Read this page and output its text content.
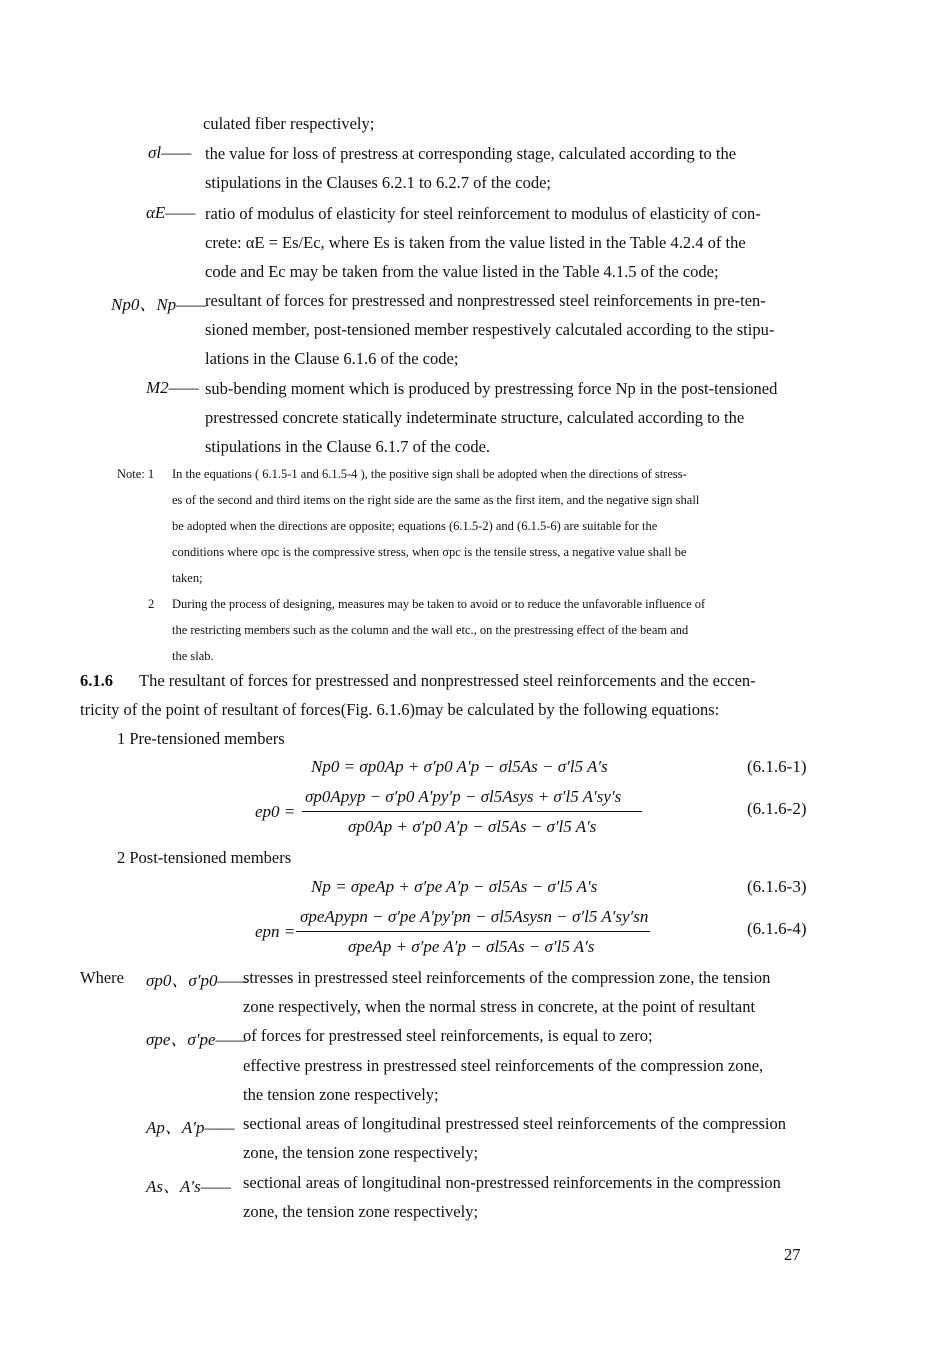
culated fiber respectively;
σl—— the value for loss of prestress at corresponding stage, calculated according to the
stipulations in the Clauses 6.2.1 to 6.2.7 of the code;
αE—— ratio of modulus of elasticity for steel reinforcement to modulus of elasticity of con-
crete: αE = Es/Ec, where Es is taken from the value listed in the Table 4.2.4 of the
code and Ec may be taken from the value listed in the Table 4.1.5 of the code;
Np0、Np——
resultant of forces for prestressed and nonprestressed steel reinforcements in pre-ten-
sioned member, post-tensioned member respestively calcutaled according to the stipu-
lations in the Clause 6.1.6 of the code;
M2—— sub-bending moment which is produced by prestressing force Np in the post-tensioned
prestressed concrete statically indeterminate structure, calculated according to the
stipulations in the Clause 6.1.7 of the code.
Note: 1 In the equations ( 6.1.5-1 and 6.1.5-4 ), the positive sign shall be adopted when the directions of stress-
es of the second and third items on the right side are the same as the first item, and the negative sign shall
be adopted when the directions are opposite; equations (6.1.5-2) and (6.1.5-6) are suitable for the
conditions where σpc is the compressive stress, when σpc is the tensile stress, a negative value shall be
taken;
2 During the process of designing, measures may be taken to avoid or to reduce the unfavorable influence of
the restricting members such as the column and the wall etc., on the prestressing effect of the beam and
the slab.
6.1.6 The resultant of forces for prestressed and nonprestressed steel reinforcements and the eccen-
tricity of the point of resultant of forces(Fig. 6.1.6)may be calculated by the following equations:
1 Pre-tensioned members
Np0 = σp0Ap + σ′p0 A′p − σl5As − σ′l5 A′s	(6.1.6-1)
ep0 =
σp0Apyp − σ′p0 A′py′p − σl5Asys + σ′l5 A′sy′s
σp0Ap + σ′p0 A′p − σl5As − σ′l5 A′s
(6.1.6-2)
2 Post-tensioned members
Np = σpeAp + σ′pe A′p − σl5As − σ′l5 A′s	(6.1.6-3)
epn =
σpeApypn − σ′pe A′py′pn − σl5Asysn − σ′l5 A′sy′sn
σpeAp + σ′pe A′p − σl5As − σ′l5 A′s
(6.1.6-4)
Where σp0、σ′p0——
stresses in prestressed steel reinforcements of the compression zone, the tension
zone respectively, when the normal stress in concrete, at the point of resultant
of forces for prestressed steel reinforcements, is equal to zero;
σpe、σ′pe——
effective prestress in prestressed steel reinforcements of the compression zone,
the tension zone respectively;
Ap、A′p—— sectional areas of longitudinal prestressed steel reinforcements of the compression
zone, the tension zone respectively;
As、A′s—— sectional areas of longitudinal non-prestressed reinforcements in the compression
zone, the tension zone respectively;
27
